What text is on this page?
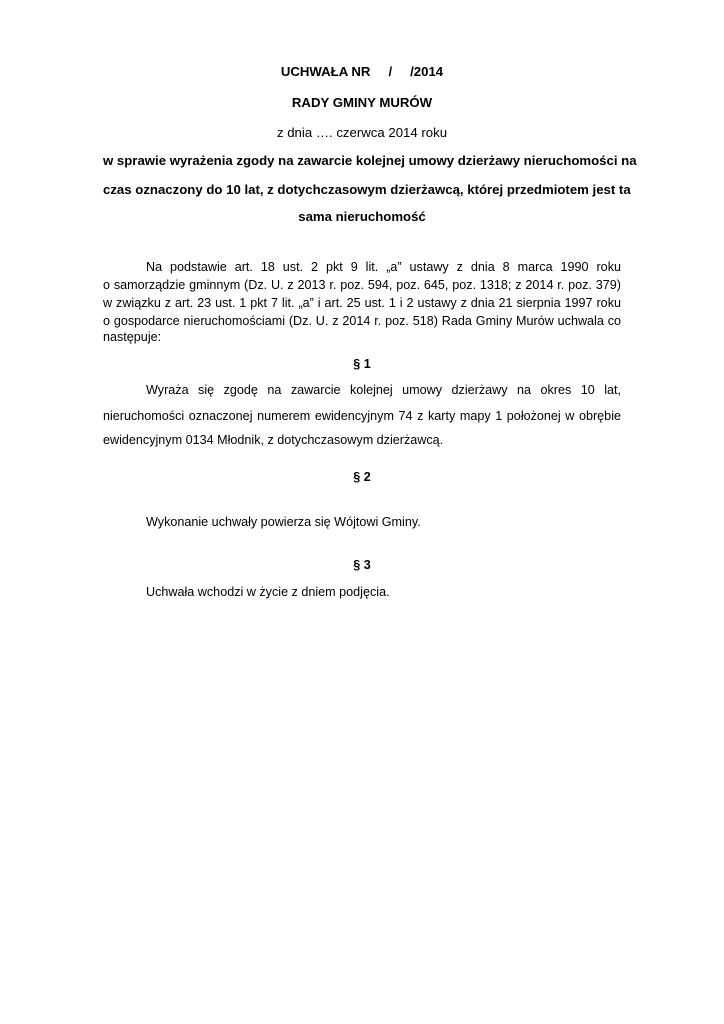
UCHWAŁA NR / /2014
RADY GMINY MURÓW
z dnia …. czerwca 2014 roku
w sprawie wyrażenia zgody na zawarcie kolejnej umowy dzierżawy nieruchomości na
czas oznaczony do 10 lat, z dotychczasowym dzierżawcą, której przedmiotem jest ta
sama nieruchomość
Na podstawie art. 18 ust. 2 pkt 9 lit. „a” ustawy z dnia 8 marca 1990 roku
o samorządzie gminnym (Dz. U. z 2013 r. poz. 594, poz. 645, poz. 1318; z 2014 r. poz. 379)
w związku z art. 23 ust. 1 pkt 7 lit. „a” i art. 25 ust. 1 i 2 ustawy z dnia 21 sierpnia 1997 roku
o gospodarce nieruchomościami (Dz. U. z 2014 r. poz. 518) Rada Gminy Murów uchwala co
następuje:
§ 1
Wyraża się zgodę na zawarcie kolejnej umowy dzierżawy na okres 10 lat,
nieruchomości oznaczonej numerem ewidencyjnym 74 z karty mapy 1 położonej w obrębie
ewidencyjnym 0134 Młodnik, z dotychczasowym dzierżawcą.
§ 2
Wykonanie uchwały powierza się Wójtowi Gminy.
§ 3
Uchwała wchodzi w życie z dniem podjęcia.
